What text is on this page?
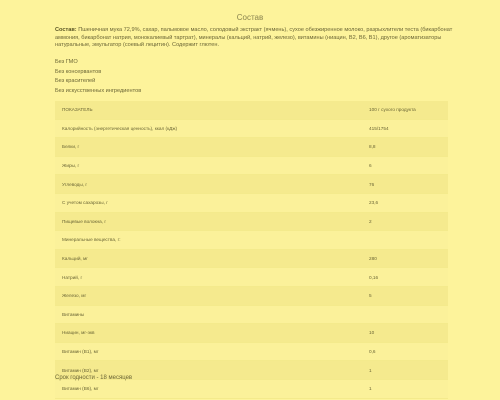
Состав
Состав: Пшеничная мука 72,9%, сахар, пальмовое масло, солодовый экстракт (ячмень), сухое обезжиренное молоко, разрыхлители теста (бикарбонат аммония, бикарбонат натрия, монокалиевый тартрат), минералы (кальций, натрий, железо), витамины (ниацин, B2, B6, B1), другое (ароматизаторы натуральные, эмульгатор (соевый лецитин). Содержит глютен.
Без ГМО
Без консервантов
Без красителей
Без искусственных ингредиентов
ПОКАЗАТЕЛЬ	100 г сухого продукта
Калорийность (энергетическая ценность), ккал (кДж)	415/1754
Белки, г	8,8
Жиры, г	6
Углеводы, г	76
С учетом сахарозы, г	23,6
Пищевые волокна, г	2
Минеральные вещества, г:	
Кальций, мг	280
Натрий, г	0,16
Железо, мг	5
Витамины	
Ниацин, мг-экв	10
Витамин (B1), мг	0,6
Витамин (B2), мг	1
Витамин (B6), мг	1
Срок годности - 18 месяцев
